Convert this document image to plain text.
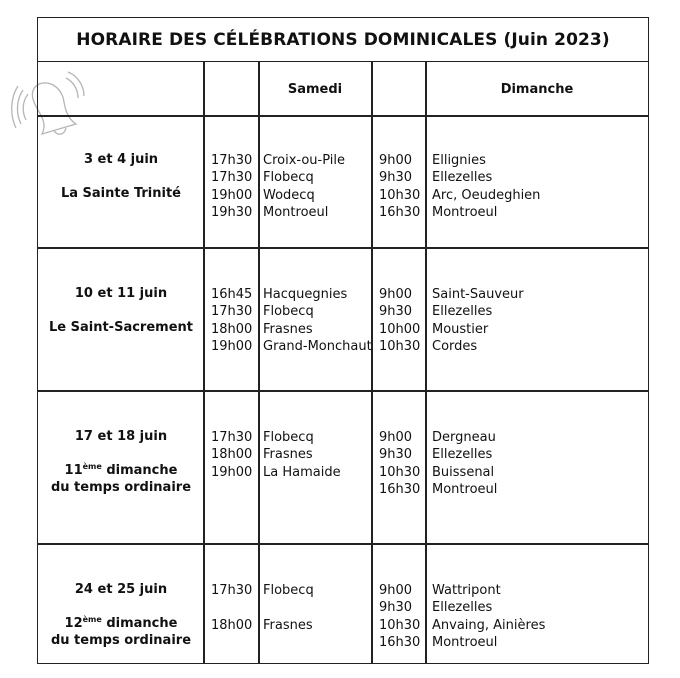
HORAIRE DES CÉLÉBRATIONS DOMINICALES (Juin 2023)
Samedi	Dimanche
3 et 4 juin
La Sainte Trinité
17h30
17h30
19h00
19h30
Croix-ou-Pile
Flobecq
Wodecq
Montroeul
9h00
9h30
10h30
16h30
Ellignies
Ellezelles
Arc, Oeudeghien
Montroeul
10 et 11 juin
Le Saint-Sacrement
16h45
17h30
18h00
19h00
Hacquegnies
Flobecq
Frasnes
Grand-Monchaut
9h00
9h30
10h00
10h30
Saint-Sauveur
Ellezelles
Moustier
Cordes
17 et 18 juin
11ème dimanche
du temps ordinaire
17h30
18h00
19h00
Flobecq
Frasnes
La Hamaide
9h00
9h30
10h30
16h30
Dergneau
Ellezelles
Buissenal
Montroeul
24 et 25 juin
12ème dimanche
du temps ordinaire
17h30
18h00
Flobecq
Frasnes
9h00
9h30
10h30
16h30
Wattripont
Ellezelles
Anvaing, Ainières
Montroeul
